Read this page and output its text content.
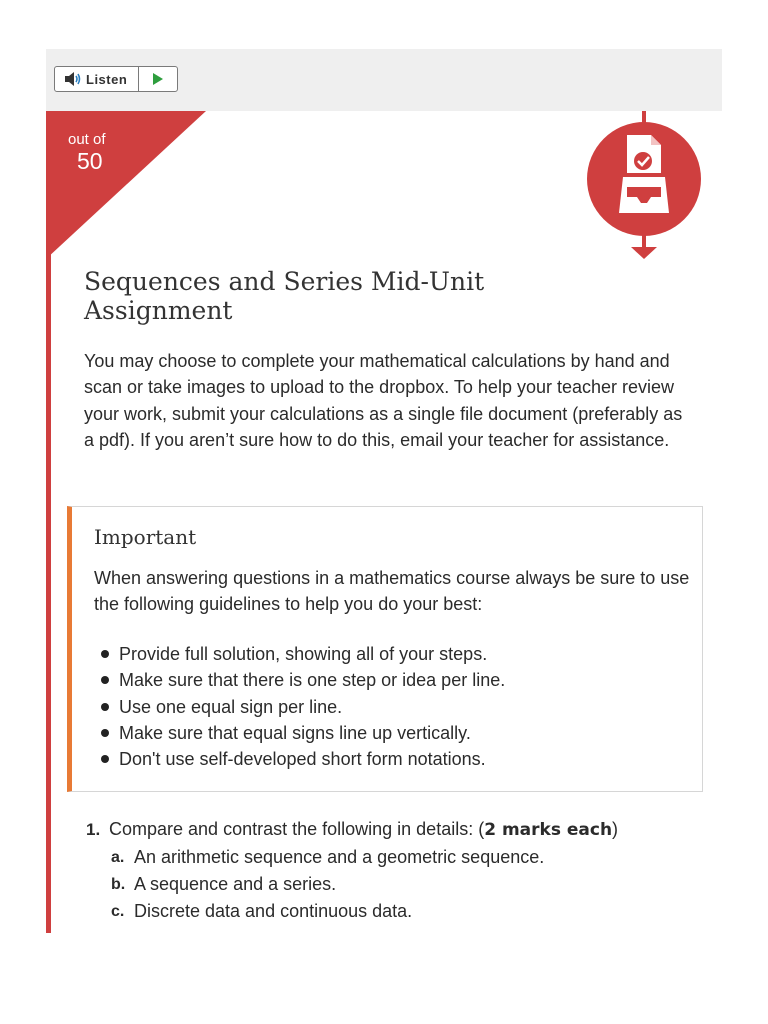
Listen
out of
50
Sequences and Series Mid-Unit Assignment

You may choose to complete your mathematical calculations by hand and scan or take images to upload to the dropbox. To help your teacher review your work, submit your calculations as a single file document (preferably as a pdf). If you aren’t sure how to do this, email your teacher for assistance.

Important

When answering questions in a mathematics course always be sure to use the following guidelines to help you do your best:

Provide full solution, showing all of your steps.
Make sure that there is one step or idea per line.
Use one equal sign per line.
Make sure that equal signs line up vertically.
Don't use self-developed short form notations.
1. Compare and contrast the following in details: (2 marks each)
a. An arithmetic sequence and a geometric sequence.
b. A sequence and a series.
c. Discrete data and continuous data.
